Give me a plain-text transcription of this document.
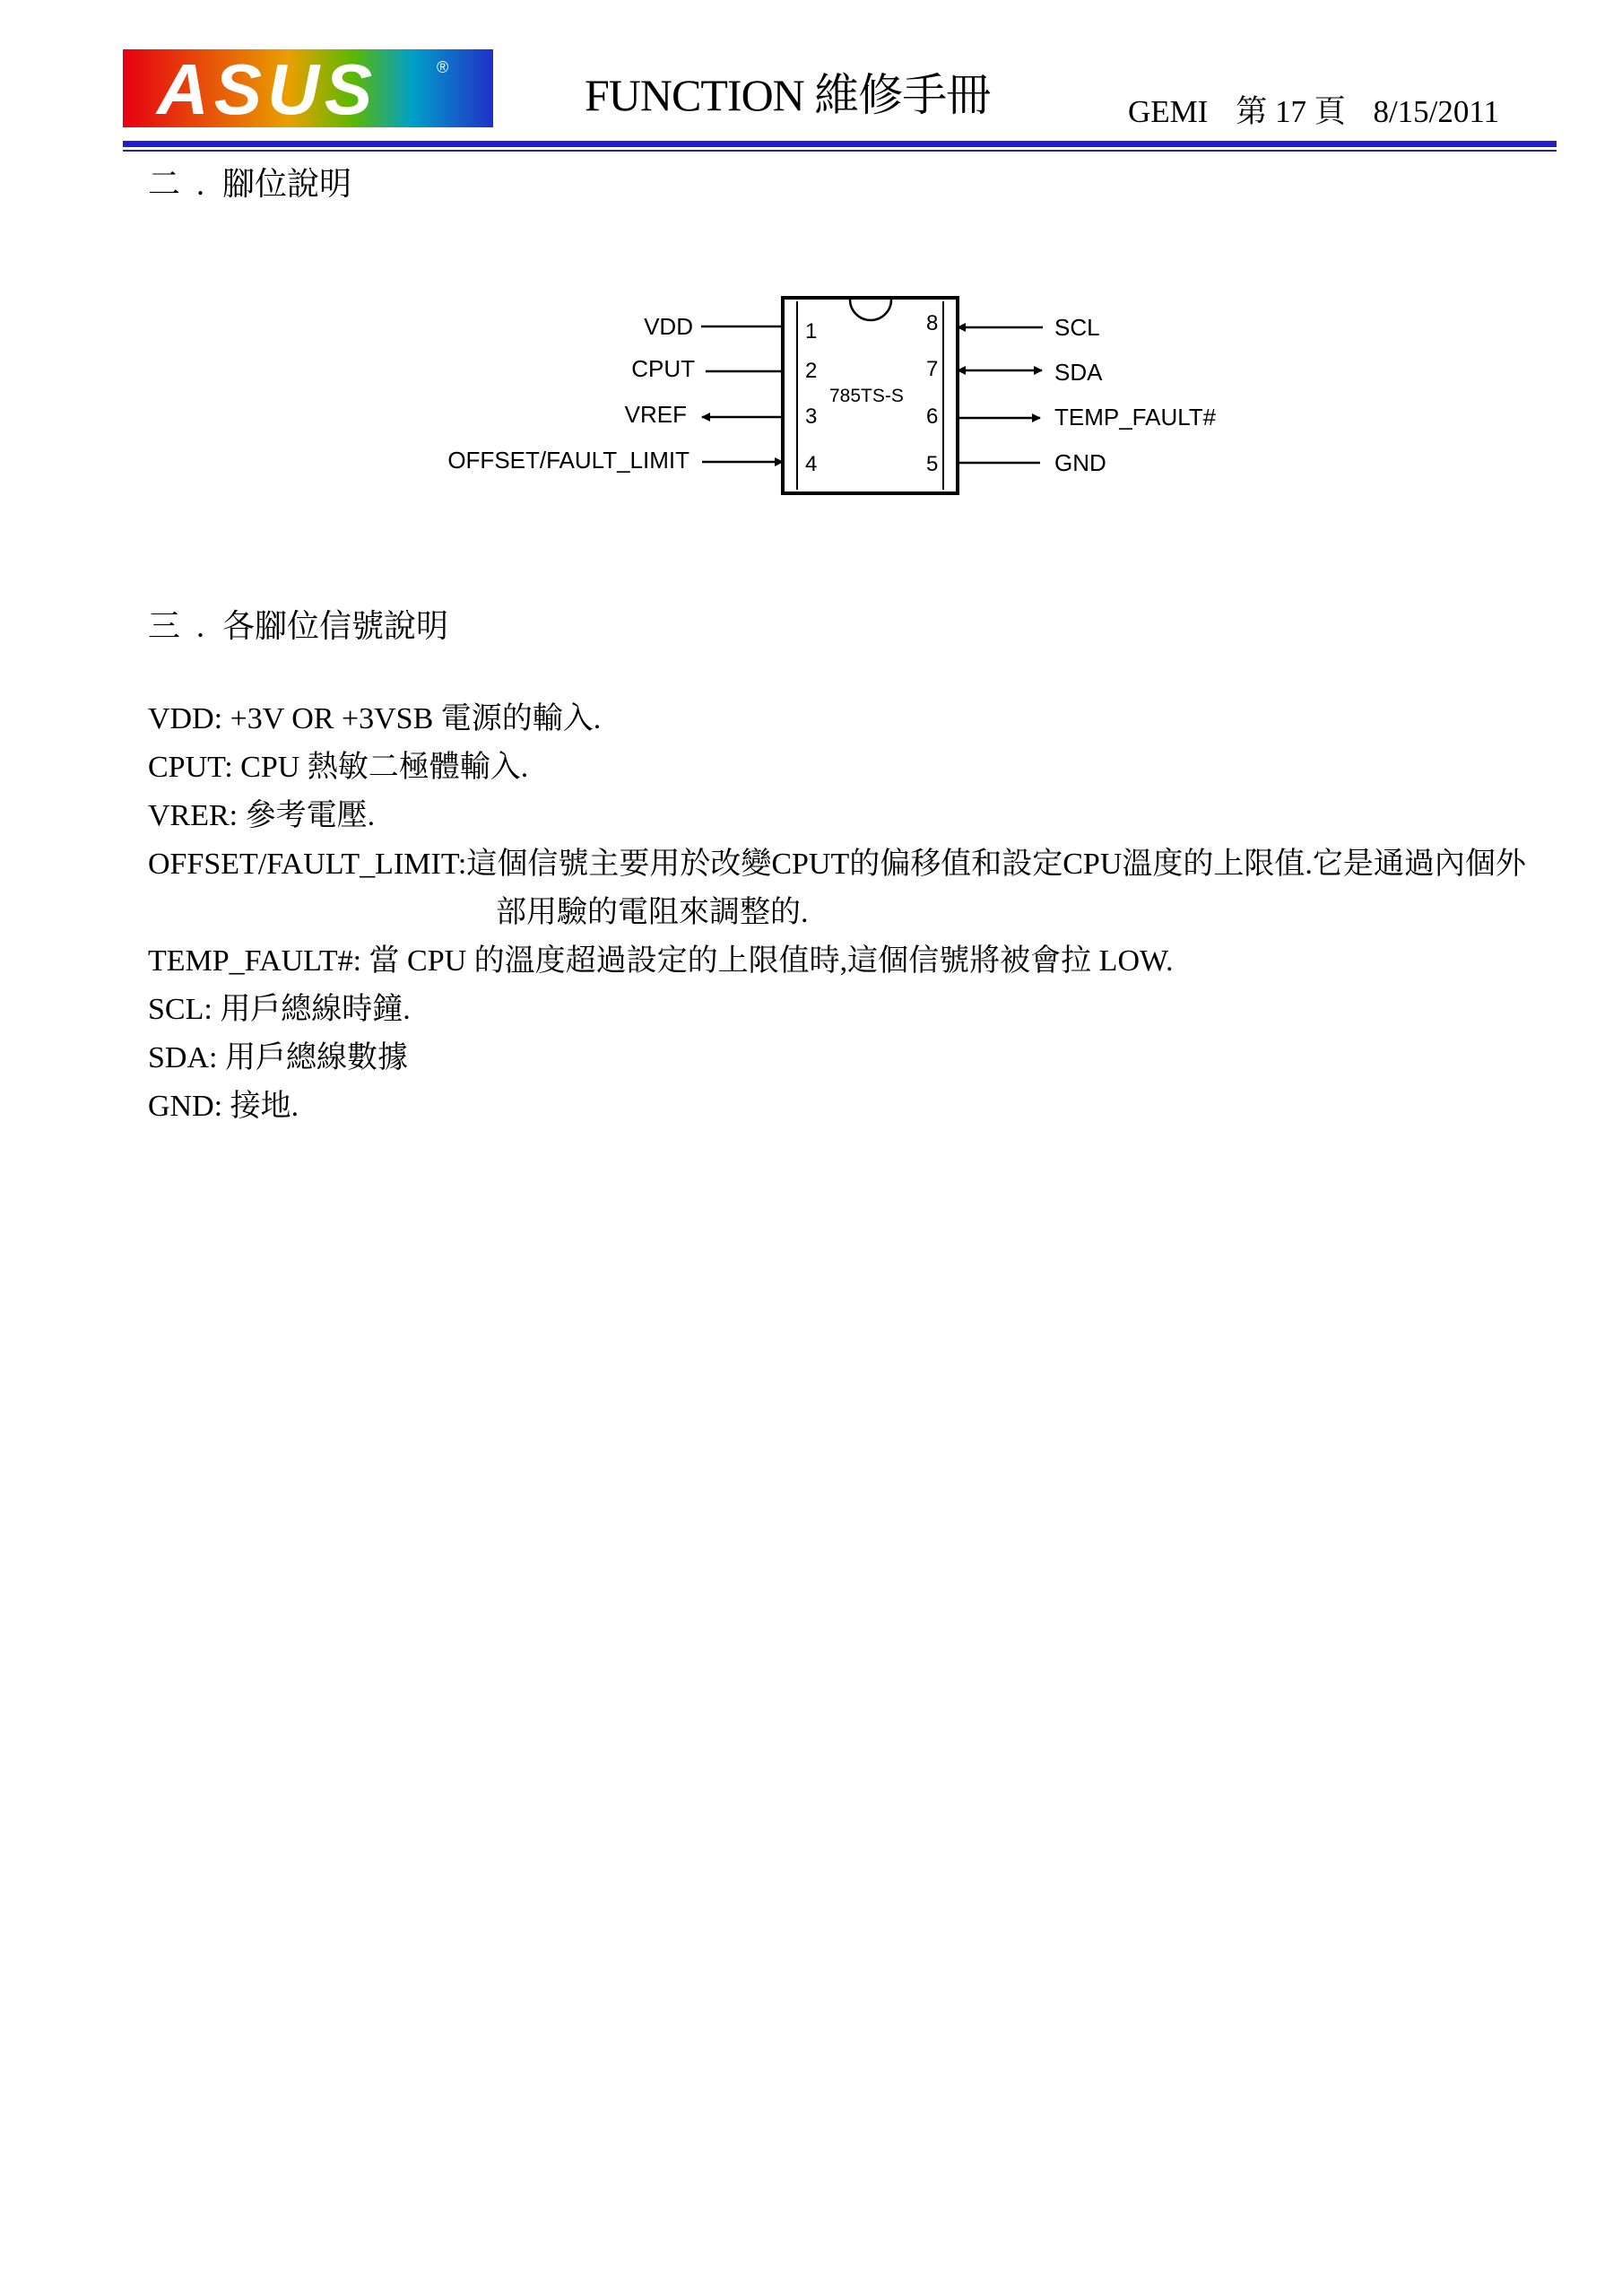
ASUS	®
FUNCTION 維修手冊	GEMI 第 17 頁 8/15/2011
二 . 腳位說明
785TS-S
1
2
3
4
8
7
6
5
VDD
CPUT
VREF
OFFSET/FAULT_LIMIT
SCL
SDA
TEMP_FAULT#
GND
三 . 各腳位信號說明
VDD: +3V OR +3VSB 電源的輸入.
CPUT: CPU 熱敏二極體輸入.
VRER: 參考電壓.
OFFSET/FAULT_LIMIT:這個信號主要用於改變CPUT的偏移值和設定CPU溫度的上限值.它是通過內個外部用驗的電阻來調整的.
TEMP_FAULT#: 當 CPU 的溫度超過設定的上限值時,這個信號將被會拉 LOW.
SCL: 用戶總線時鐘.
SDA: 用戶總線數據
GND: 接地.
